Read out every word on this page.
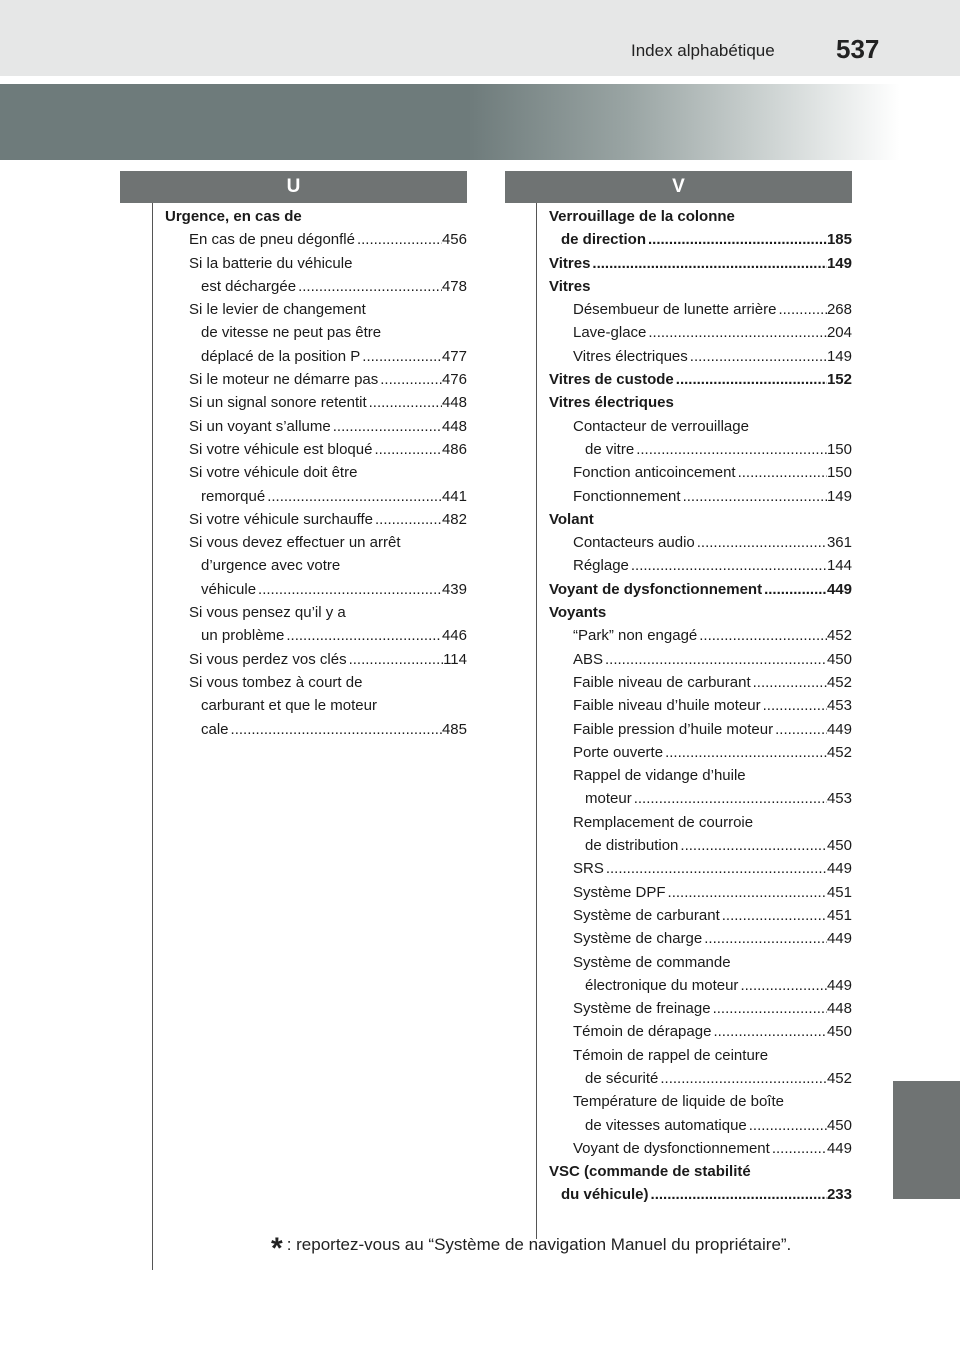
Index alphabétique 537
U	V
Urgence, en cas de
En cas de pneu dégonflé .....	456
Si la batterie du véhicule
est déchargée .....	478
Si le levier de changement
de vitesse ne peut pas être
déplacé de la position P .....	477
Si le moteur ne démarre pas .....	476
Si un signal sonore retentit .....	448
Si un voyant s’allume .....	448
Si votre véhicule est bloqué .....	486
Si votre véhicule doit être
remorqué .....	441
Si votre véhicule surchauffe .....	482
Si vous devez effectuer un arrêt
d’urgence avec votre
véhicule .....	439
Si vous pensez qu’il y a
un problème .....	446
Si vous perdez vos clés .....	114
Si vous tombez à court de
carburant et que le moteur
cale .....	485
Verrouillage de la colonne
de direction .....	185
Vitres .....	149
Vitres
Désembueur de lunette arrière .....	268
Lave-glace .....	204
Vitres électriques .....	149
Vitres de custode .....	152
Vitres électriques
Contacteur de verrouillage
de vitre .....	150
Fonction anticoincement .....	150
Fonctionnement .....	149
Volant
Contacteurs audio .....	361
Réglage .....	144
Voyant de dysfonctionnement .....	449
Voyants
“Park” non engagé .....	452
ABS .....	450
Faible niveau de carburant .....	452
Faible niveau d’huile moteur .....	453
Faible pression d’huile moteur .....	449
Porte ouverte .....	452
Rappel de vidange d’huile
moteur .....	453
Remplacement de courroie
de distribution .....	450
SRS .....	449
Système DPF .....	451
Système de carburant .....	451
Système de charge .....	449
Système de commande
électronique du moteur .....	449
Système de freinage .....	448
Témoin de dérapage .....	450
Témoin de rappel de ceinture
de sécurité .....	452
Température de liquide de boîte
de vitesses automatique .....	450
Voyant de dysfonctionnement .....	449
VSC (commande de stabilité
du véhicule) .....	233
* : reportez-vous au “Système de navigation Manuel du propriétaire”.
